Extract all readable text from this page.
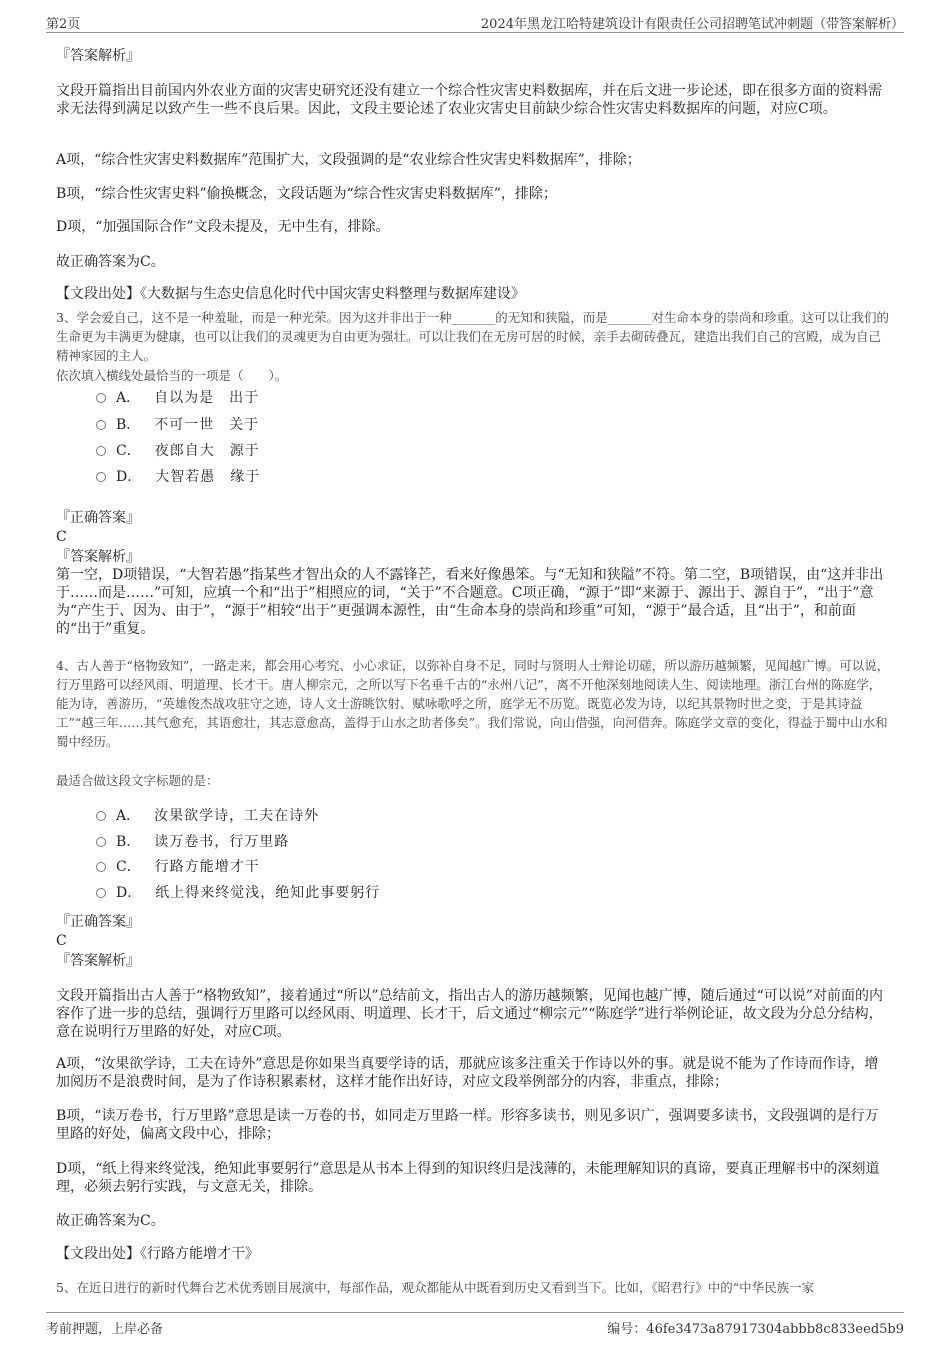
第2页	2024年黑龙江哈特建筑设计有限责任公司招聘笔试冲刺题（带答案解析）
『答案解析』

文段开篇指出目前国内外农业方面的灾害史研究还没有建立一个综合性灾害史料数据库，并在后文进一步论述，即在很多方面的资料需求无法得到满足以致产生一些不良后果。因此，文段主要论述了农业灾害史目前缺少综合性灾害史料数据库的问题，对应C项。

A项，“综合性灾害史料数据库”范围扩大，文段强调的是“农业综合性灾害史料数据库”，排除；

B项，“综合性灾害史料”偷换概念，文段话题为“综合性灾害史料数据库”，排除；

D项，“加强国际合作”文段未提及，无中生有，排除。

故正确答案为C。

【文段出处】《大数据与生态史信息化时代中国灾害史料整理与数据库建设》

3、学会爱自己，这不是一种羞耻，而是一种光荣。因为这并非出于一种_______的无知和狭隘，而是_______对生命本身的崇尚和珍重。这可以让我们的生命更为丰满更为健康，也可以让我们的灵魂更为自由更为强壮。可以让我们在无房可居的时候，亲手去砌砖叠瓦，建造出我们自己的宫殿，成为自己精神家园的主人。

依次填入横线处最恰当的一项是（　　）。

A． 自以为是　出于
B． 不可一世　关于
C． 夜郎自大　源于
D． 大智若愚　缘于
『正确答案』
C
『答案解析』

第一空，D项错误，“大智若愚”指某些才智出众的人不露锋芒，看来好像愚笨。与“无知和狭隘”不符。第二空，B项错误，由“这并非出于……而是……”可知，应填一个和“出于”相照应的词，“关于”不合题意。C项正确，“源于”即“来源于、源出于、源自于”，“出于”意为“产生于、因为、由于”，“源于”相较“出于”更强调本源性，由“生命本身的崇尚和珍重”可知，“源于”最合适，且“出于”，和前面的“出于”重复。

4、古人善于“格物致知”，一路走来，都会用心考究、小心求证，以弥补自身不足，同时与贤明人士辩论切磋，所以游历越频繁，见闻越广博。可以说，行万里路可以经风雨、明道理、长才干。唐人柳宗元，之所以写下名垂千古的“永州八记”，离不开他深刻地阅读人生、阅读地理。浙江台州的陈庭学，能为诗，善游历，“英雄俊杰战攻驻守之迹，诗人文士游眺饮射、赋咏歌呼之所，庭学无不历览。既览必发为诗，以纪其景物时世之变，于是其诗益工”“越三年……其气愈充，其语愈壮，其志意愈高，盖得于山水之助者侈矣”。我们常说，向山借强，向河借奔。陈庭学文章的变化，得益于蜀中山水和蜀中经历。

最适合做这段文字标题的是：

A． 汝果欲学诗，工夫在诗外
B． 读万卷书，行万里路
C． 行路方能增才干
D． 纸上得来终觉浅，绝知此事要躬行
『正确答案』
C
『答案解析』

文段开篇指出古人善于“格物致知”，接着通过“所以”总结前文，指出古人的游历越频繁，见闻也越广博，随后通过“可以说”对前面的内容作了进一步的总结，强调行万里路可以经风雨、明道理、长才干，后文通过“柳宗元”“陈庭学”进行举例论证，故文段为分总分结构，意在说明行万里路的好处，对应C项。

A项，“汝果欲学诗，工夫在诗外”意思是你如果当真要学诗的话，那就应该多注重关于作诗以外的事。就是说不能为了作诗而作诗，增加阅历不是浪费时间，是为了作诗积累素材，这样才能作出好诗，对应文段举例部分的内容，非重点，排除；

B项，“读万卷书，行万里路”意思是读一万卷的书，如同走万里路一样。形容多读书，则见多识广，强调要多读书，文段强调的是行万里路的好处，偏离文段中心，排除；

D项，“纸上得来终觉浅，绝知此事要躬行”意思是从书本上得到的知识终归是浅薄的，未能理解知识的真谛，要真正理解书中的深刻道理，必须去躬行实践，与文意无关，排除。

故正确答案为C。

【文段出处】《行路方能增才干》

5、在近日进行的新时代舞台艺术优秀剧目展演中，每部作品，观众都能从中既看到历史又看到当下。比如，《昭君行》中的“中华民族一家

考前押题，上岸必备	编号：46fe3473a87917304abbb8c833eed5b9
